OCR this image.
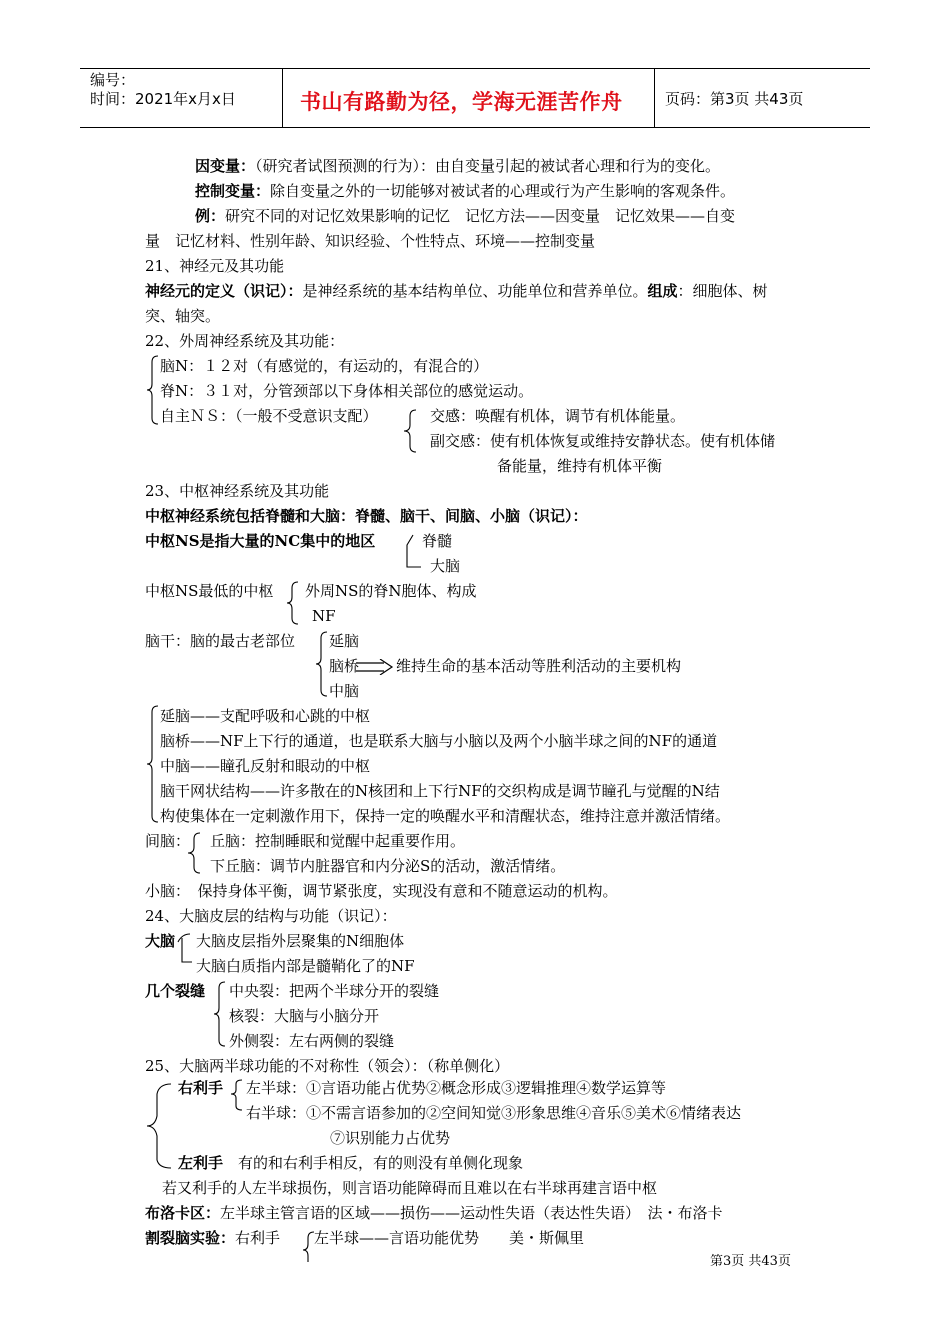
编号：
时间：2021年x月x日	书山有路勤为径，学海无涯苦作舟	页码：第3页 共43页
因变量：（研究者试图预测的行为）：由自变量引起的被试者心理和行为的变化。
控制变量：除自变量之外的一切能够对被试者的心理或行为产生影响的客观条件。
例：研究不同的对记忆效果影响的记忆　记忆方法——因变量　记忆效果——自变
量　记忆材料、性别年龄、知识经验、个性特点、环境——控制变量
21、神经元及其功能
神经元的定义（识记）：是神经系统的基本结构单位、功能单位和营养单位。组成：细胞体、树
突、轴突。
22、外周神经系统及其功能：
脑N：１２对（有感觉的，有运动的，有混合的）
脊N：３１对，分管颈部以下身体相关部位的感觉运动。
自主ＮＳ：（一般不受意识支配）	交感：唤醒有机体，调节有机体能量。
副交感：使有机体恢复或维持安静状态。使有机体储
备能量，维持有机体平衡
23、中枢神经系统及其功能
中枢神经系统包括脊髓和大脑：脊髓、脑干、间脑、小脑（识记）：
中枢NS是指大量的NC集中的地区	脊髓
大脑
中枢NS最低的中枢 外周NS的脊N胞体、构成
NF
脑干：脑的最古老部位 延脑
脑桥
中脑
维持生命的基本活动等胜利活动的主要机构
延脑——支配呼吸和心跳的中枢
脑桥——NF上下行的通道，也是联系大脑与小脑以及两个小脑半球之间的NF的通道
中脑——瞳孔反射和眼动的中枢
脑干网状结构——许多散在的N核团和上下行NF的交织构成是调节瞳孔与觉醒的N结
构使集体在一定刺激作用下，保持一定的唤醒水平和清醒状态，维持注意并激活情绪。
间脑： 丘脑：控制睡眠和觉醒中起重要作用。
下丘脑：调节内脏器官和内分泌S的活动，激活情绪。
小脑：　保持身体平衡，调节紧张度，实现没有意和不随意运动的机构。
24、大脑皮层的结构与功能（识记）：
大脑 大脑皮层指外层聚集的N细胞体
大脑白质指内部是髓鞘化了的NF
几个裂缝 中央裂：把两个半球分开的裂缝
核裂：大脑与小脑分开
外侧裂：左右两侧的裂缝
25、大脑两半球功能的不对称性（领会）：（称单侧化）
右利手 左半球：①言语功能占优势②概念形成③逻辑推理④数学运算等
右半球：①不需言语参加的②空间知觉③形象思维④音乐⑤美术⑥情绪表达
⑦识别能力占优势
左利手　 有的和右利手相反，有的则没有单侧化现象
若又利手的人左半球损伤，则言语功能障碍而且难以在右半球再建言语中枢
布洛卡区：左半球主管言语的区域——损伤——运动性失语（表达性失语）　法・布洛卡
割裂脑实验：右利手 左半球——言语功能优势　　美・斯佩里
第3页 共43页
